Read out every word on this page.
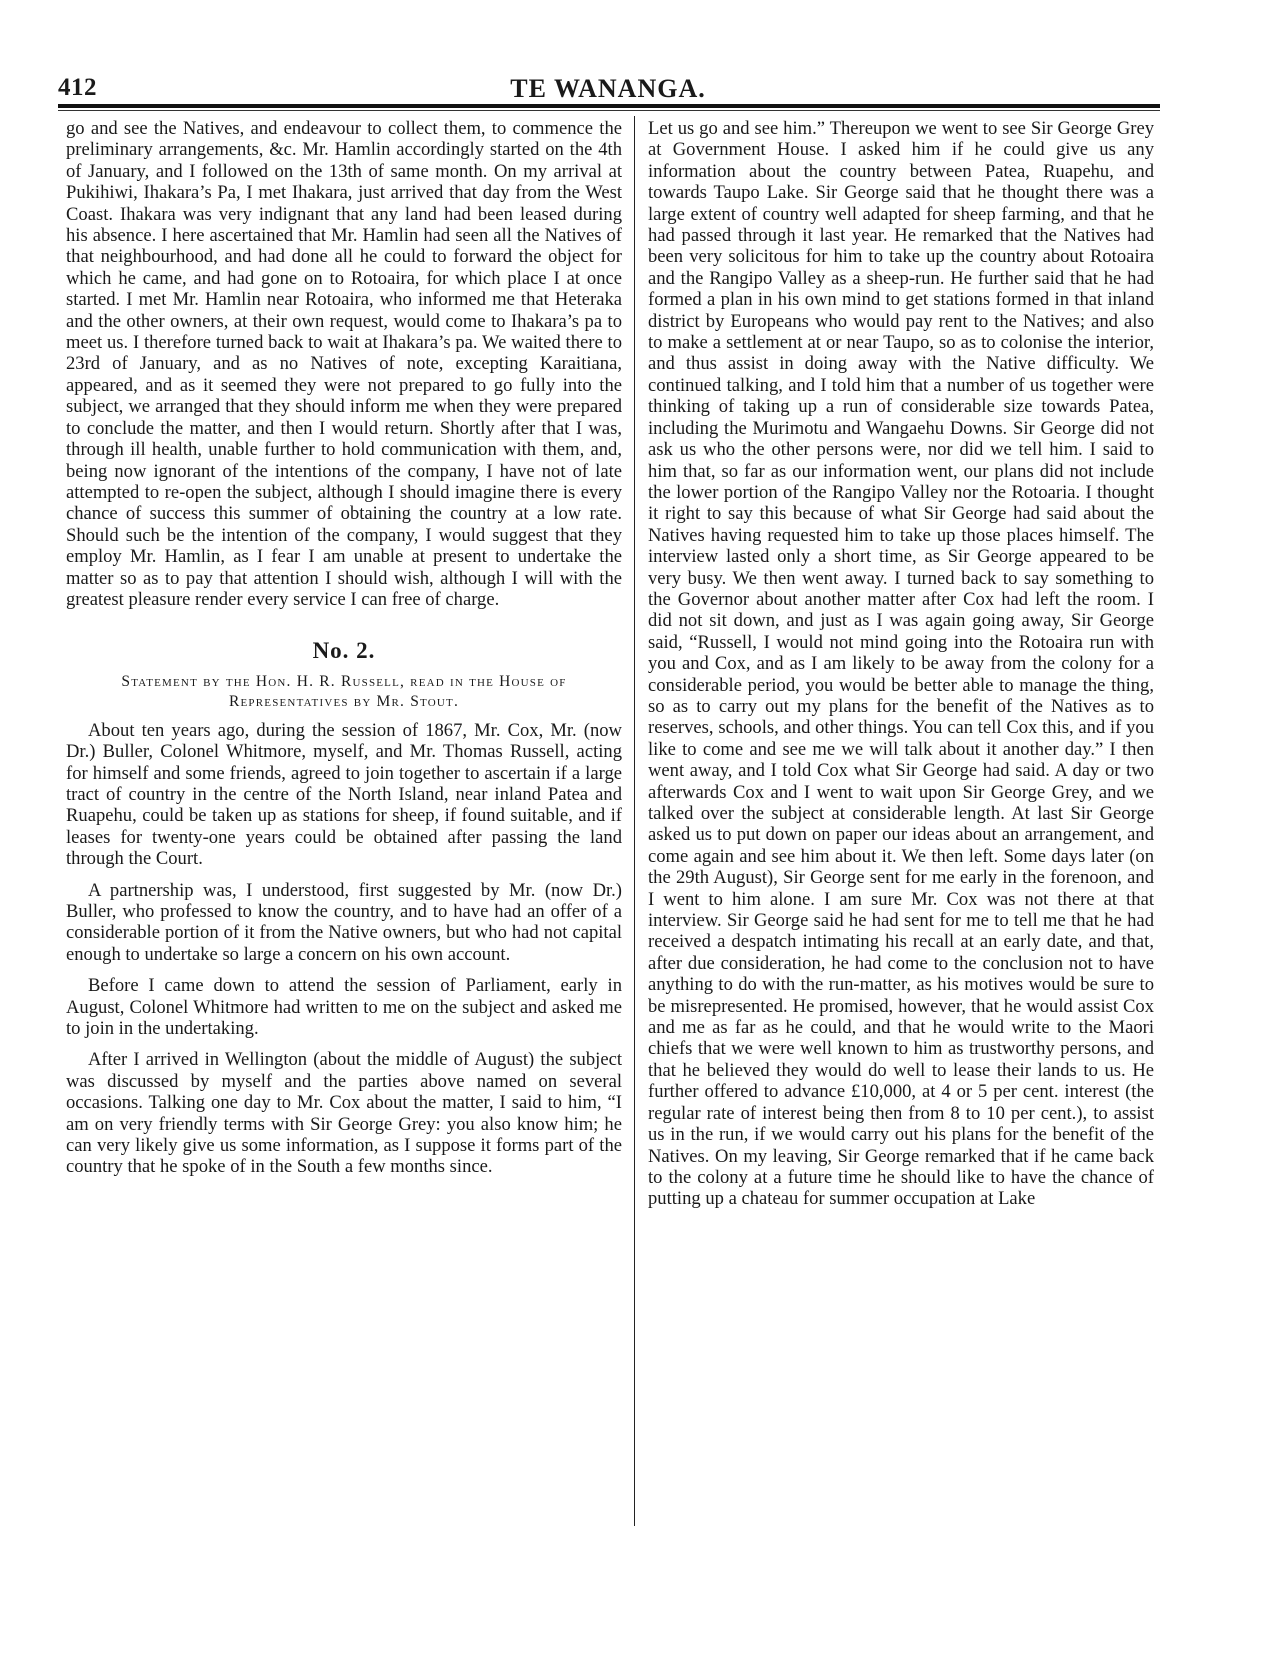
412	TE WANANGA.

go and see the Natives, and endeavour to collect them, to commence the preliminary arrangements, &c. Mr. Hamlin accordingly started on the 4th of January, and I followed on the 13th of same month. On my arrival at Pukihiwi, Ihakara’s Pa, I met Ihakara, just arrived that day from the West Coast. Ihakara was very indignant that any land had been leased during his absence. I here ascertained that Mr. Hamlin had seen all the Natives of that neighbourhood, and had done all he could to forward the object for which he came, and had gone on to Rotoaira, for which place I at once started. I met Mr. Hamlin near Rotoaira, who informed me that Heteraka and the other owners, at their own request, would come to Ihakara’s pa to meet us. I therefore turned back to wait at Ihakara’s pa. We waited there to 23rd of January, and as no Natives of note, excepting Karaitiana, appeared, and as it seemed they were not prepared to go fully into the subject, we arranged that they should inform me when they were prepared to conclude the matter, and then I would return. Shortly after that I was, through ill health, unable further to hold communication with them, and, being now ignorant of the intentions of the company, I have not of late attempted to re-open the subject, although I should imagine there is every chance of success this summer of obtaining the country at a low rate. Should such be the intention of the company, I would suggest that they employ Mr. Hamlin, as I fear I am unable at present to undertake the matter so as to pay that attention I should wish, although I will with the greatest pleasure render every service I can free of charge.

No. 2.
Statement by the Hon. H. R. Russell, read in the House of Representatives by Mr. Stout.

About ten years ago, during the session of 1867, Mr. Cox, Mr. (now Dr.) Buller, Colonel Whitmore, myself, and Mr. Thomas Russell, acting for himself and some friends, agreed to join together to ascertain if a large tract of country in the centre of the North Island, near inland Patea and Ruapehu, could be taken up as stations for sheep, if found suitable, and if leases for twenty-one years could be obtained after passing the land through the Court.

A partnership was, I understood, first suggested by Mr. (now Dr.) Buller, who professed to know the country, and to have had an offer of a considerable portion of it from the Native owners, but who had not capital enough to undertake so large a concern on his own account.

Before I came down to attend the session of Parliament, early in August, Colonel Whitmore had written to me on the subject and asked me to join in the undertaking.

After I arrived in Wellington (about the middle of August) the subject was discussed by myself and the parties above named on several occasions. Talking one day to Mr. Cox about the matter, I said to him, “I am on very friendly terms with Sir George Grey: you also know him; he can very likely give us some information, as I suppose it forms part of the country that he spoke of in the South a few months since.

Let us go and see him.” Thereupon we went to see Sir George Grey at Government House. I asked him if he could give us any information about the country between Patea, Ruapehu, and towards Taupo Lake. Sir George said that he thought there was a large extent of country well adapted for sheep farming, and that he had passed through it last year. He remarked that the Natives had been very solicitous for him to take up the country about Rotoaira and the Rangipo Valley as a sheep-run. He further said that he had formed a plan in his own mind to get stations formed in that inland district by Europeans who would pay rent to the Natives; and also to make a settlement at or near Taupo, so as to colonise the interior, and thus assist in doing away with the Native difficulty. We continued talking, and I told him that a number of us together were thinking of taking up a run of considerable size towards Patea, including the Murimotu and Wangaehu Downs. Sir George did not ask us who the other persons were, nor did we tell him. I said to him that, so far as our information went, our plans did not include the lower portion of the Rangipo Valley nor the Rotoaria. I thought it right to say this because of what Sir George had said about the Natives having requested him to take up those places himself. The interview lasted only a short time, as Sir George appeared to be very busy. We then went away. I turned back to say something to the Governor about another matter after Cox had left the room. I did not sit down, and just as I was again going away, Sir George said, “Russell, I would not mind going into the Rotoaira run with you and Cox, and as I am likely to be away from the colony for a considerable period, you would be better able to manage the thing, so as to carry out my plans for the benefit of the Natives as to reserves, schools, and other things. You can tell Cox this, and if you like to come and see me we will talk about it another day.” I then went away, and I told Cox what Sir George had said. A day or two afterwards Cox and I went to wait upon Sir George Grey, and we talked over the subject at considerable length. At last Sir George asked us to put down on paper our ideas about an arrangement, and come again and see him about it. We then left. Some days later (on the 29th August), Sir George sent for me early in the forenoon, and I went to him alone. I am sure Mr. Cox was not there at that interview. Sir George said he had sent for me to tell me that he had received a despatch intimating his recall at an early date, and that, after due consideration, he had come to the conclusion not to have anything to do with the run-matter, as his motives would be sure to be misrepresented. He promised, however, that he would assist Cox and me as far as he could, and that he would write to the Maori chiefs that we were well known to him as trustworthy persons, and that he believed they would do well to lease their lands to us. He further offered to advance £10,000, at 4 or 5 per cent. interest (the regular rate of interest being then from 8 to 10 per cent.), to assist us in the run, if we would carry out his plans for the benefit of the Natives. On my leaving, Sir George remarked that if he came back to the colony at a future time he should like to have the chance of putting up a chateau for summer occupation at Lake
